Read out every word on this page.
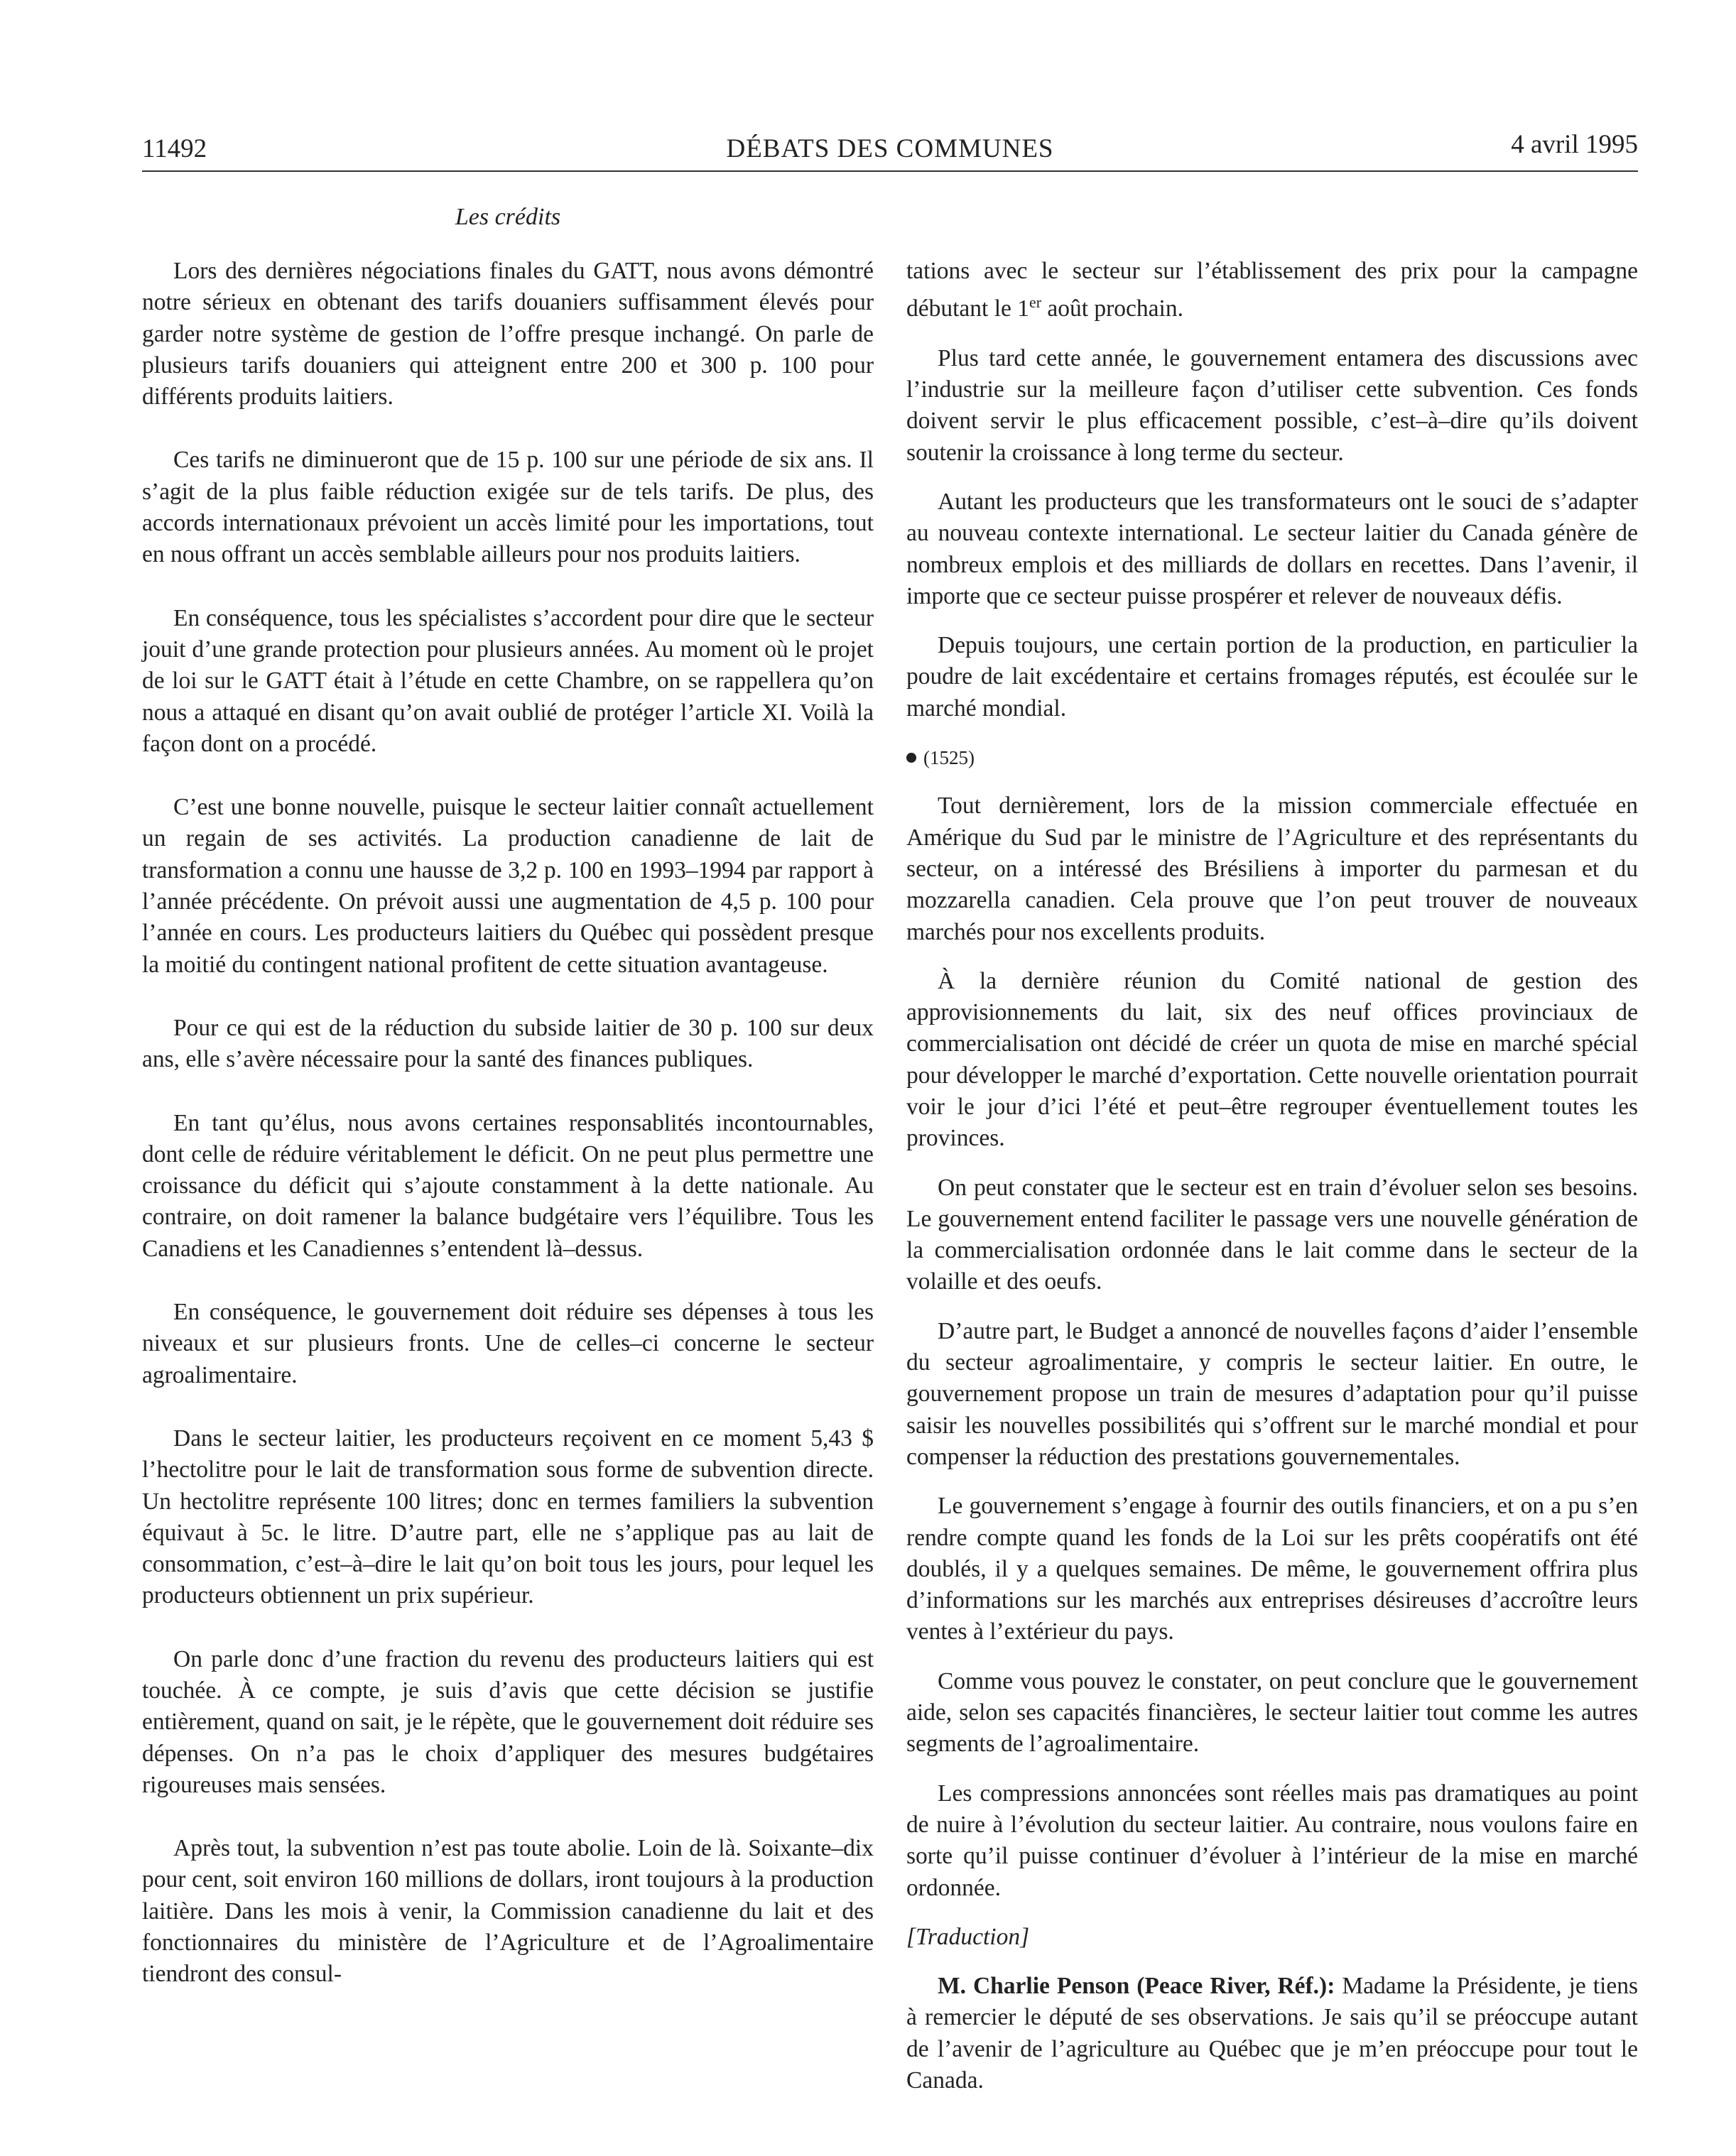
11492	DÉBATS DES COMMUNES	4 avril 1995
Les crédits

Lors des dernières négociations finales du GATT, nous avons démontré notre sérieux en obtenant des tarifs douaniers suffisamment élevés pour garder notre système de gestion de l’offre presque inchangé. On parle de plusieurs tarifs douaniers qui atteignent entre 200 et 300 p. 100 pour différents produits laitiers.

Ces tarifs ne diminueront que de 15 p. 100 sur une période de six ans. Il s’agit de la plus faible réduction exigée sur de tels tarifs. De plus, des accords internationaux prévoient un accès limité pour les importations, tout en nous offrant un accès semblable ailleurs pour nos produits laitiers.

En conséquence, tous les spécialistes s’accordent pour dire que le secteur jouit d’une grande protection pour plusieurs années. Au moment où le projet de loi sur le GATT était à l’étude en cette Chambre, on se rappellera qu’on nous a attaqué en disant qu’on avait oublié de protéger l’article XI. Voilà la façon dont on a procédé.

C’est une bonne nouvelle, puisque le secteur laitier connaît actuellement un regain de ses activités. La production canadienne de lait de transformation a connu une hausse de 3,2 p. 100 en 1993–1994 par rapport à l’année précédente. On prévoit aussi une augmentation de 4,5 p. 100 pour l’année en cours. Les producteurs laitiers du Québec qui possèdent presque la moitié du contingent national profitent de cette situation avantageuse.

Pour ce qui est de la réduction du subside laitier de 30 p. 100 sur deux ans, elle s’avère nécessaire pour la santé des finances publiques.

En tant qu’élus, nous avons certaines responsablités incontournables, dont celle de réduire véritablement le déficit. On ne peut plus permettre une croissance du déficit qui s’ajoute constamment à la dette nationale. Au contraire, on doit ramener la balance budgétaire vers l’équilibre. Tous les Canadiens et les Canadiennes s’entendent là–dessus.

En conséquence, le gouvernement doit réduire ses dépenses à tous les niveaux et sur plusieurs fronts. Une de celles–ci concerne le secteur agroalimentaire.

Dans le secteur laitier, les producteurs reçoivent en ce moment 5,43 $ l’hectolitre pour le lait de transformation sous forme de subvention directe. Un hectolitre représente 100 litres; donc en termes familiers la subvention équivaut à 5c. le litre. D’autre part, elle ne s’applique pas au lait de consommation, c’est–à–dire le lait qu’on boit tous les jours, pour lequel les producteurs obtiennent un prix supérieur.

On parle donc d’une fraction du revenu des producteurs laitiers qui est touchée. À ce compte, je suis d’avis que cette décision se justifie entièrement, quand on sait, je le répète, que le gouvernement doit réduire ses dépenses. On n’a pas le choix d’appliquer des mesures budgétaires rigoureuses mais sensées.

Après tout, la subvention n’est pas toute abolie. Loin de là. Soixante–dix pour cent, soit environ 160 millions de dollars, iront toujours à la production laitière. Dans les mois à venir, la Commission canadienne du lait et des fonctionnaires du ministère de l’Agriculture et de l’Agroalimentaire tiendront des consul-

tations avec le secteur sur l’établissement des prix pour la campagne débutant le 1er août prochain.

Plus tard cette année, le gouvernement entamera des discussions avec l’industrie sur la meilleure façon d’utiliser cette subvention. Ces fonds doivent servir le plus efficacement possible, c’est–à–dire qu’ils doivent soutenir la croissance à long terme du secteur.

Autant les producteurs que les transformateurs ont le souci de s’adapter au nouveau contexte international. Le secteur laitier du Canada génère de nombreux emplois et des milliards de dollars en recettes. Dans l’avenir, il importe que ce secteur puisse prospérer et relever de nouveaux défis.

Depuis toujours, une certain portion de la production, en particulier la poudre de lait excédentaire et certains fromages réputés, est écoulée sur le marché mondial.

(1525)

Tout dernièrement, lors de la mission commerciale effectuée en Amérique du Sud par le ministre de l’Agriculture et des représentants du secteur, on a intéressé des Brésiliens à importer du parmesan et du mozzarella canadien. Cela prouve que l’on peut trouver de nouveaux marchés pour nos excellents produits.

À la dernière réunion du Comité national de gestion des approvisionnements du lait, six des neuf offices provinciaux de commercialisation ont décidé de créer un quota de mise en marché spécial pour développer le marché d’exportation. Cette nouvelle orientation pourrait voir le jour d’ici l’été et peut–être regrouper éventuellement toutes les provinces.

On peut constater que le secteur est en train d’évoluer selon ses besoins. Le gouvernement entend faciliter le passage vers une nouvelle génération de la commercialisation ordonnée dans le lait comme dans le secteur de la volaille et des oeufs.

D’autre part, le Budget a annoncé de nouvelles façons d’aider l’ensemble du secteur agroalimentaire, y compris le secteur laitier. En outre, le gouvernement propose un train de mesures d’adaptation pour qu’il puisse saisir les nouvelles possibilités qui s’offrent sur le marché mondial et pour compenser la réduction des prestations gouvernementales.

Le gouvernement s’engage à fournir des outils financiers, et on a pu s’en rendre compte quand les fonds de la Loi sur les prêts coopératifs ont été doublés, il y a quelques semaines. De même, le gouvernement offrira plus d’informations sur les marchés aux entreprises désireuses d’accroître leurs ventes à l’extérieur du pays.

Comme vous pouvez le constater, on peut conclure que le gouvernement aide, selon ses capacités financières, le secteur laitier tout comme les autres segments de l’agroalimentaire.

Les compressions annoncées sont réelles mais pas dramatiques au point de nuire à l’évolution du secteur laitier. Au contraire, nous voulons faire en sorte qu’il puisse continuer d’évoluer à l’intérieur de la mise en marché ordonnée.

[Traduction]

M. Charlie Penson (Peace River, Réf.): Madame la Présidente, je tiens à remercier le député de ses observations. Je sais qu’il se préoccupe autant de l’avenir de l’agriculture au Québec que je m’en préoccupe pour tout le Canada.
